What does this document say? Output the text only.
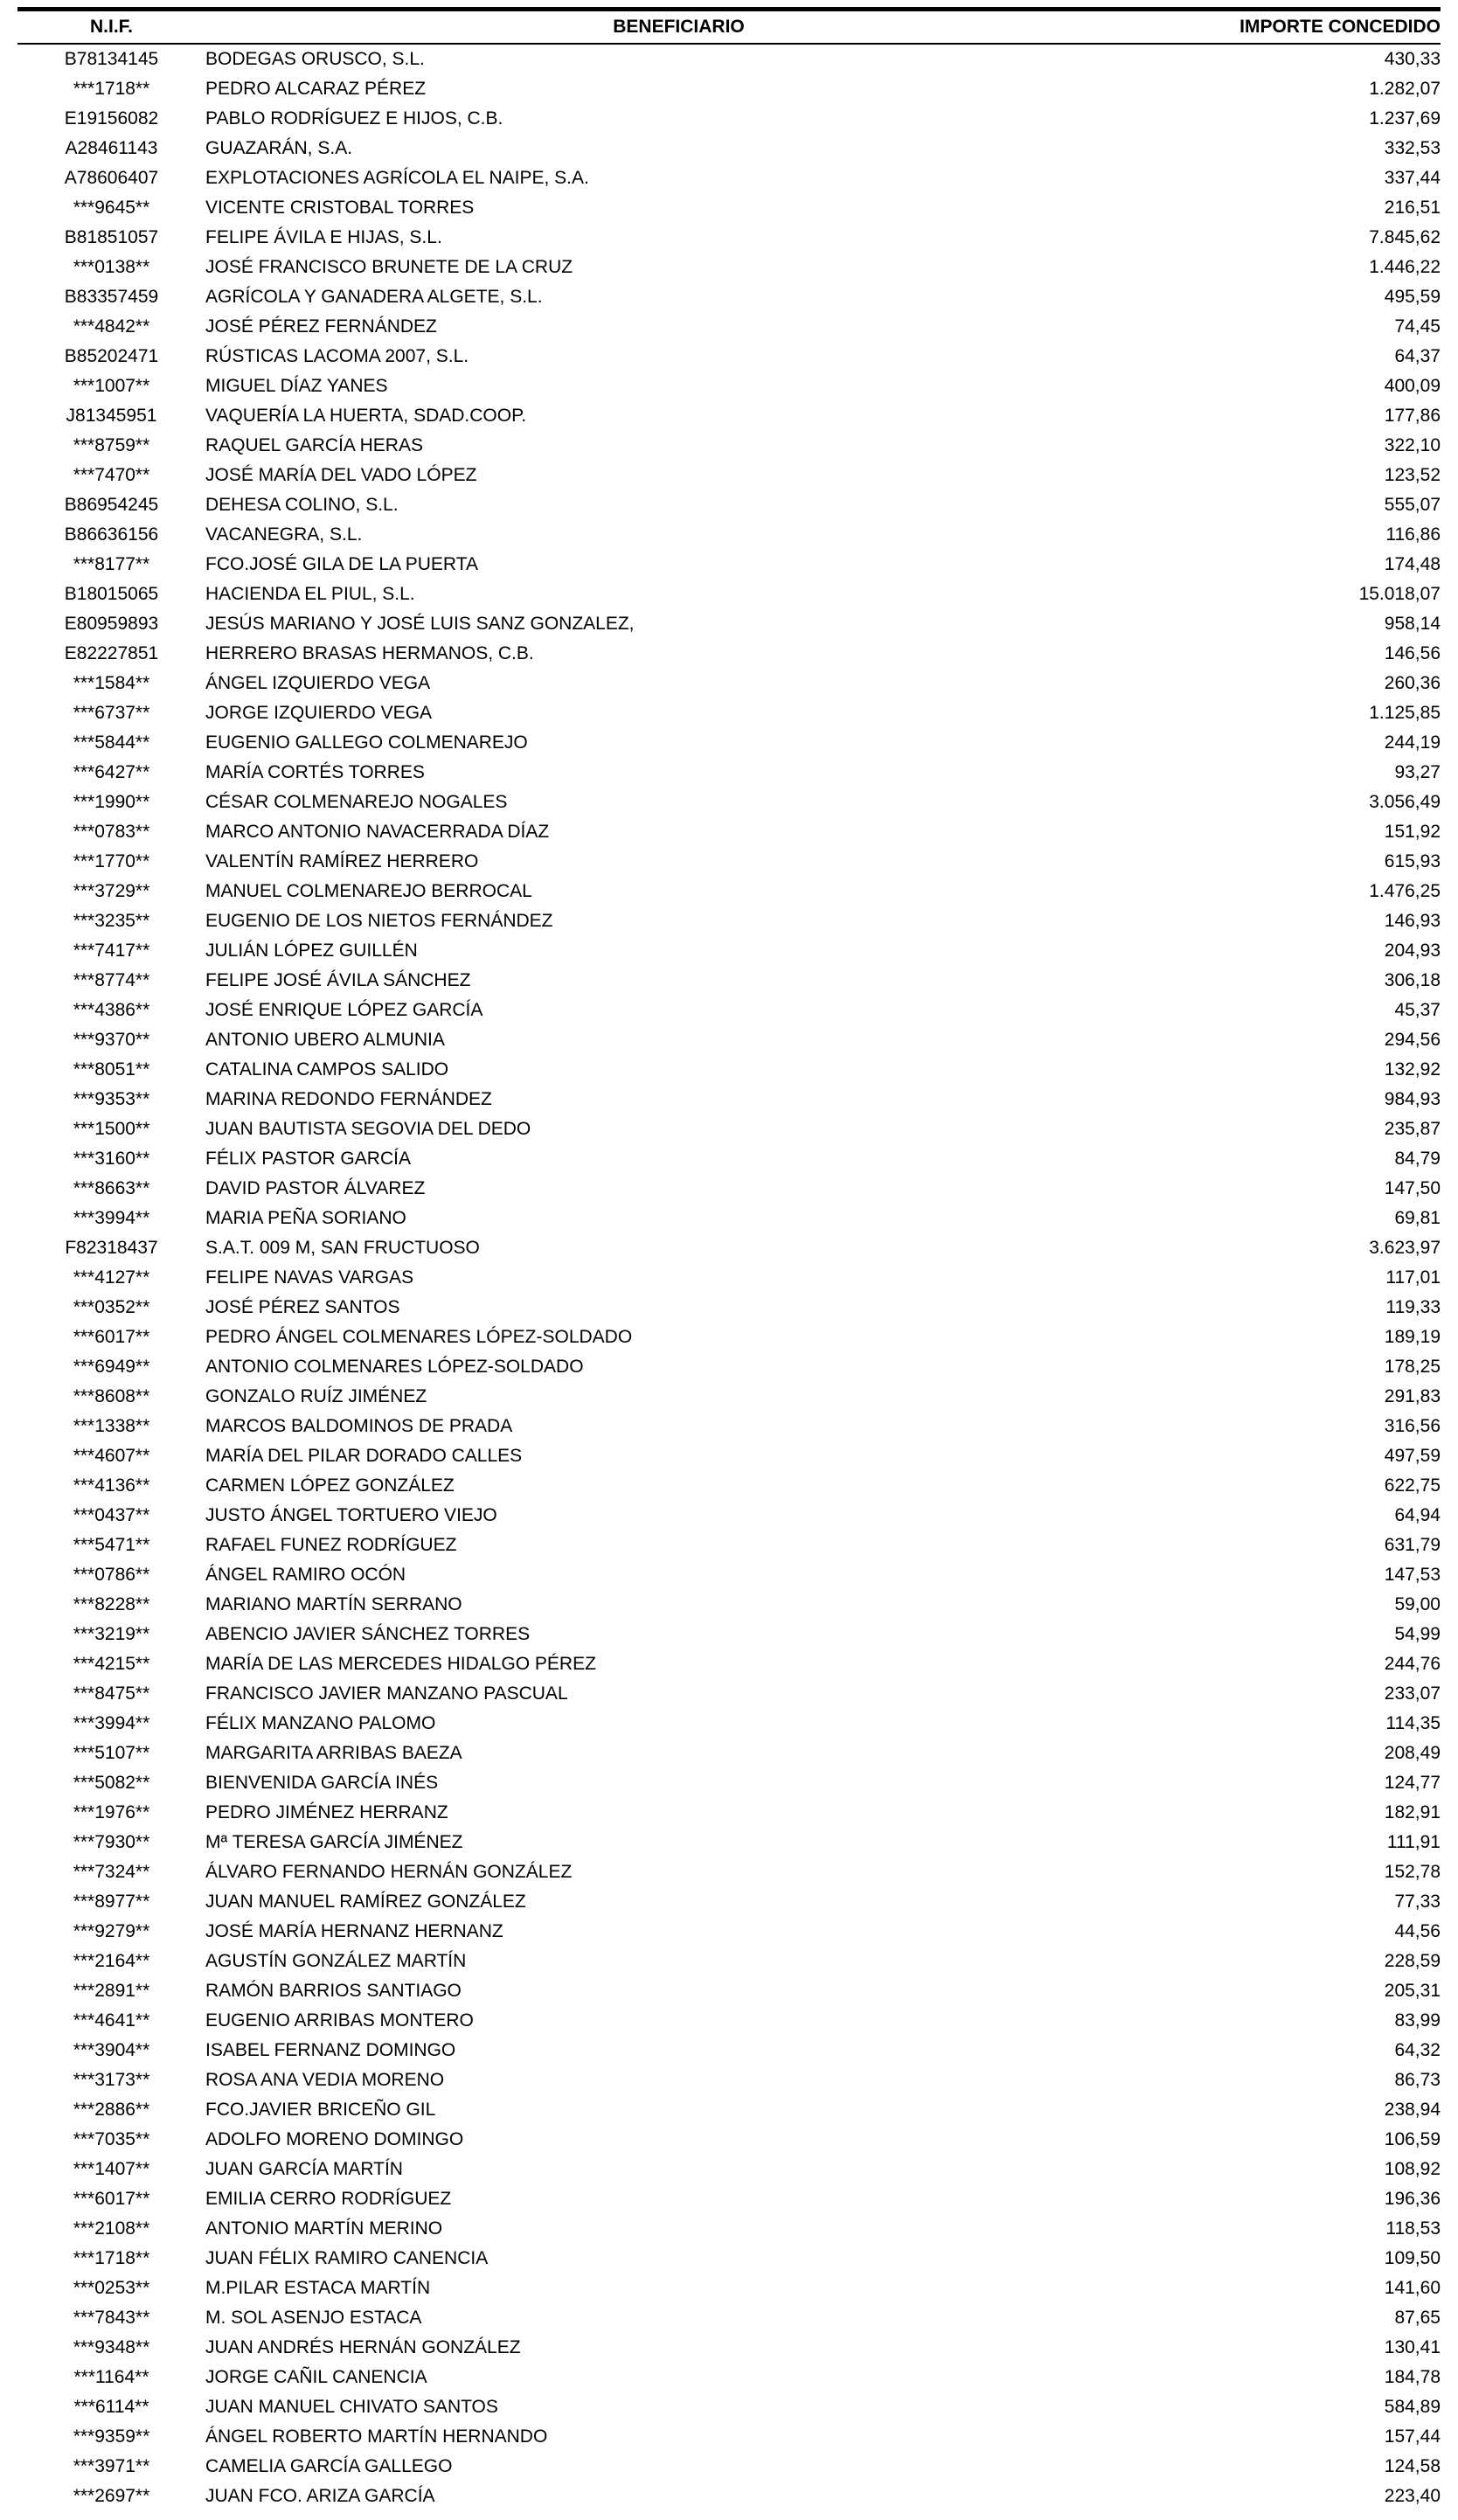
N.I.F.	BENEFICIARIO	IMPORTE CONCEDIDO
B78134145	BODEGAS ORUSCO, S.L.	430,33
***1718**	PEDRO ALCARAZ PÉREZ	1.282,07
E19156082	PABLO RODRÍGUEZ E HIJOS, C.B.	1.237,69
A28461143	GUAZARÁN, S.A.	332,53
A78606407	EXPLOTACIONES AGRÍCOLA EL NAIPE, S.A.	337,44
***9645**	VICENTE CRISTOBAL TORRES	216,51
B81851057	FELIPE ÁVILA E HIJAS, S.L.	7.845,62
***0138**	JOSÉ FRANCISCO BRUNETE DE LA CRUZ	1.446,22
B83357459	AGRÍCOLA Y GANADERA ALGETE, S.L.	495,59
***4842**	JOSÉ PÉREZ FERNÁNDEZ	74,45
B85202471	RÚSTICAS LACOMA 2007, S.L.	64,37
***1007**	MIGUEL DÍAZ YANES	400,09
J81345951	VAQUERÍA LA HUERTA, SDAD.COOP.	177,86
***8759**	RAQUEL GARCÍA HERAS	322,10
***7470**	JOSÉ MARÍA DEL VADO LÓPEZ	123,52
B86954245	DEHESA COLINO, S.L.	555,07
B86636156	VACANEGRA, S.L.	116,86
***8177**	FCO.JOSÉ GILA DE LA PUERTA	174,48
B18015065	HACIENDA EL PIUL, S.L.	15.018,07
E80959893	JESÚS MARIANO Y JOSÉ LUIS SANZ GONZALEZ,	958,14
E82227851	HERRERO BRASAS HERMANOS, C.B.	146,56
***1584**	ÁNGEL IZQUIERDO VEGA	260,36
***6737**	JORGE IZQUIERDO VEGA	1.125,85
***5844**	EUGENIO GALLEGO COLMENAREJO	244,19
***6427**	MARÍA CORTÉS TORRES	93,27
***1990**	CÉSAR COLMENAREJO NOGALES	3.056,49
***0783**	MARCO ANTONIO NAVACERRADA DÍAZ	151,92
***1770**	VALENTÍN RAMÍREZ HERRERO	615,93
***3729**	MANUEL COLMENAREJO BERROCAL	1.476,25
***3235**	EUGENIO DE LOS NIETOS FERNÁNDEZ	146,93
***7417**	JULIÁN LÓPEZ GUILLÉN	204,93
***8774**	FELIPE JOSÉ ÁVILA SÁNCHEZ	306,18
***4386**	JOSÉ ENRIQUE LÓPEZ GARCÍA	45,37
***9370**	ANTONIO UBERO ALMUNIA	294,56
***8051**	CATALINA CAMPOS SALIDO	132,92
***9353**	MARINA REDONDO FERNÁNDEZ	984,93
***1500**	JUAN BAUTISTA SEGOVIA DEL DEDO	235,87
***3160**	FÉLIX PASTOR GARCÍA	84,79
***8663**	DAVID PASTOR ÁLVAREZ	147,50
***3994**	MARIA PEÑA SORIANO	69,81
F82318437	S.A.T. 009 M, SAN FRUCTUOSO	3.623,97
***4127**	FELIPE NAVAS VARGAS	117,01
***0352**	JOSÉ PÉREZ SANTOS	119,33
***6017**	PEDRO ÁNGEL COLMENARES LÓPEZ-SOLDADO	189,19
***6949**	ANTONIO COLMENARES LÓPEZ-SOLDADO	178,25
***8608**	GONZALO RUÍZ JIMÉNEZ	291,83
***1338**	MARCOS BALDOMINOS DE PRADA	316,56
***4607**	MARÍA DEL PILAR DORADO CALLES	497,59
***4136**	CARMEN LÓPEZ GONZÁLEZ	622,75
***0437**	JUSTO ÁNGEL TORTUERO VIEJO	64,94
***5471**	RAFAEL FUNEZ RODRÍGUEZ	631,79
***0786**	ÁNGEL RAMIRO OCÓN	147,53
***8228**	MARIANO MARTÍN SERRANO	59,00
***3219**	ABENCIO JAVIER SÁNCHEZ TORRES	54,99
***4215**	MARÍA DE LAS MERCEDES HIDALGO PÉREZ	244,76
***8475**	FRANCISCO JAVIER MANZANO PASCUAL	233,07
***3994**	FÉLIX MANZANO PALOMO	114,35
***5107**	MARGARITA ARRIBAS BAEZA	208,49
***5082**	BIENVENIDA GARCÍA INÉS	124,77
***1976**	PEDRO JIMÉNEZ HERRANZ	182,91
***7930**	Mª TERESA GARCÍA JIMÉNEZ	111,91
***7324**	ÁLVARO FERNANDO HERNÁN GONZÁLEZ	152,78
***8977**	JUAN MANUEL RAMÍREZ GONZÁLEZ	77,33
***9279**	JOSÉ MARÍA HERNANZ HERNANZ	44,56
***2164**	AGUSTÍN GONZÁLEZ MARTÍN	228,59
***2891**	RAMÓN BARRIOS SANTIAGO	205,31
***4641**	EUGENIO ARRIBAS MONTERO	83,99
***3904**	ISABEL FERNANZ DOMINGO	64,32
***3173**	ROSA ANA VEDIA MORENO	86,73
***2886**	FCO.JAVIER BRICEÑO GIL	238,94
***7035**	ADOLFO MORENO DOMINGO	106,59
***1407**	JUAN GARCÍA MARTÍN	108,92
***6017**	EMILIA CERRO RODRÍGUEZ	196,36
***2108**	ANTONIO MARTÍN MERINO	118,53
***1718**	JUAN FÉLIX RAMIRO CANENCIA	109,50
***0253**	M.PILAR ESTACA MARTÍN	141,60
***7843**	M. SOL ASENJO ESTACA	87,65
***9348**	JUAN ANDRÉS HERNÁN GONZÁLEZ	130,41
***1164**	JORGE CAÑIL CANENCIA	184,78
***6114**	JUAN MANUEL CHIVATO SANTOS	584,89
***9359**	ÁNGEL ROBERTO MARTÍN HERNANDO	157,44
***3971**	CAMELIA GARCÍA GALLEGO	124,58
***2697**	JUAN FCO. ARIZA GARCÍA	223,40
